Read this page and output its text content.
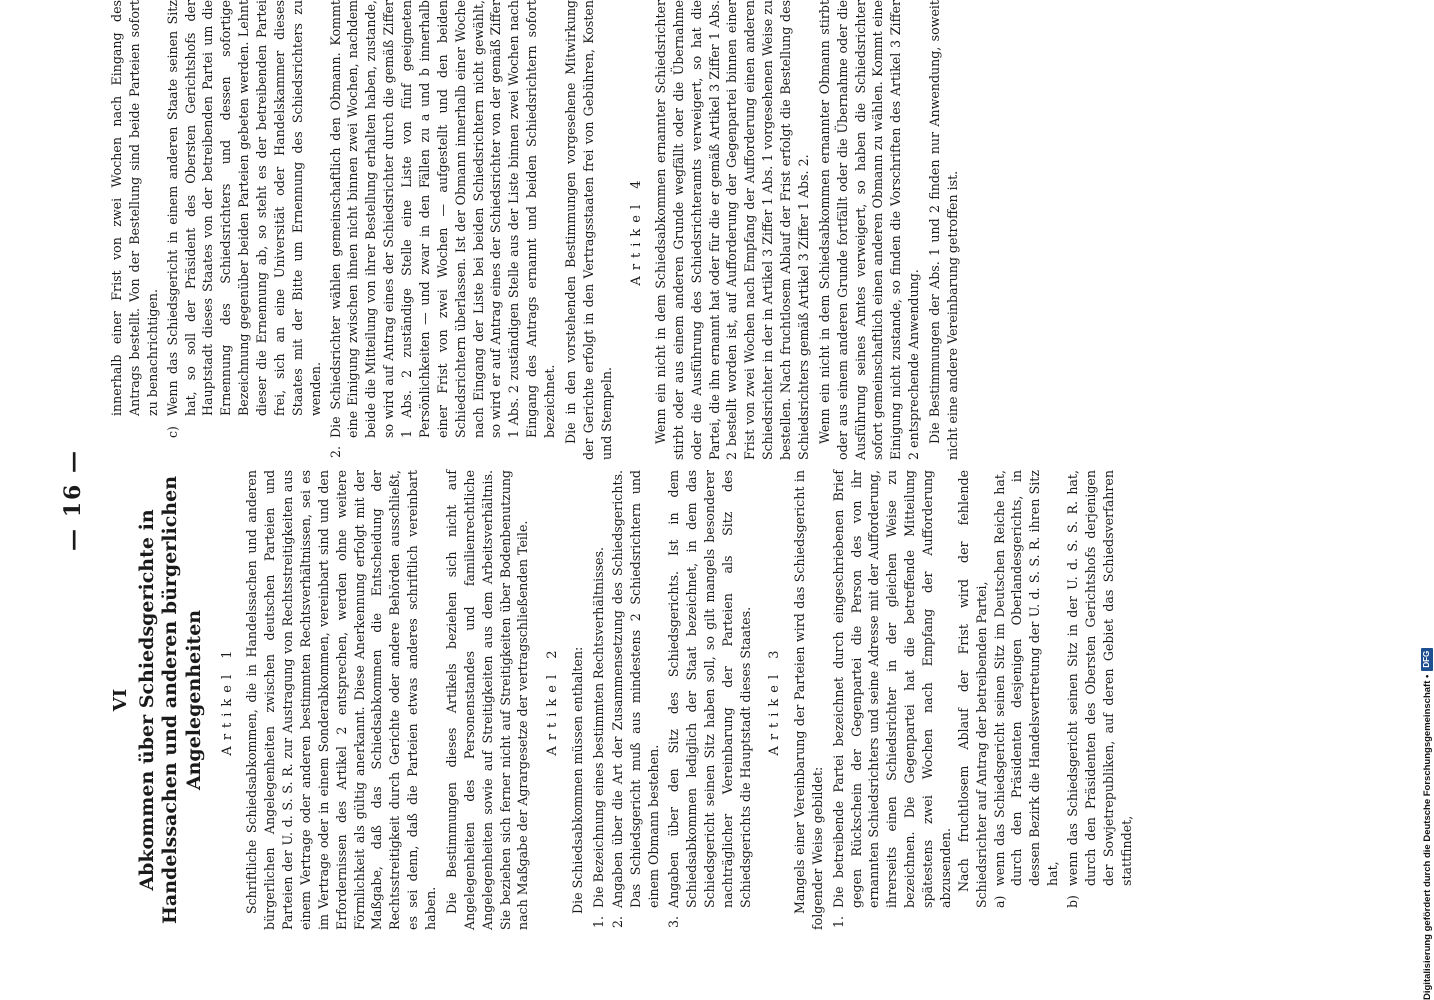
— 16 —
VI Abkommen über Schiedsgerichte in Handelssachen und anderen bürgerlichen Angelegenheiten Artikel 1 Schriftliche Schiedsabkommen, die in Handelssachen und anderen bürgerlichen Angelegenheiten zwischen deutschen Parteien und Parteien der U. d. S. S. R. zur Austragung von Rechtsstreitigkeiten aus einem Vertrage oder anderen bestimmten Rechtsverhältnissen, sei es im Vertrage oder in einem Sonderabkommen, vereinbart sind und den Erfordernissen des Artikel 2 entsprechen, werden ohne weitere Förmlichkeit als gültig anerkannt. Diese Anerkennung erfolgt mit der Maßgabe, daß das Schiedsabkommen die Entscheidung der Rechtsstreitigkeit durch Gerichte oder andere Behörden ausschließt, es sei denn, daß die Parteien etwas anderes schriftlich vereinbart haben. Die Bestimmungen dieses Artikels beziehen sich nicht auf Angelegenheiten des Personenstandes und familienrechtliche Angelegenheiten sowie auf Streitigkeiten aus dem Arbeitsverhältnis. Sie beziehen sich ferner nicht auf Streitigkeiten über Bodenbenutzung nach Maßgabe der Agrargesetze der vertragschließenden Teile. Artikel 2 Die Schiedsabkommen müssen enthalten:

1.
Die Bezeichnung eines bestimmten Rechtsverhältnisses.
2.
Angaben über die Art der Zusammensetzung des Schiedsgerichts. Das Schiedsgericht muß aus mindestens 2 Schiedsrichtern und einem Obmann bestehen.
3.
Angaben über den Sitz des Schiedsgerichts. Ist in dem Schiedsabkommen lediglich der Staat bezeichnet, in dem das Schiedsgericht seinen Sitz haben soll, so gilt mangels besonderer nachträglicher Vereinbarung der Parteien als Sitz des Schiedsgerichts die Hauptstadt dieses Staates. Artikel 3 Mangels einer Vereinbarung der Parteien wird das Schiedsgericht in folgender Weise gebildet: 1.
Die betreibende Partei bezeichnet durch eingeschriebenen Brief gegen Rückschein der Gegenpartei die Person des von ihr ernannten Schiedsrichters und seine Adresse mit der Aufforderung, ihrerseits einen Schiedsrichter in der gleichen Weise zu bezeichnen. Die Gegenpartei hat die betreffende Mitteilung spätestens zwei Wochen nach Empfang der Aufforderung abzusenden. Nach fruchtlosem Ablauf der Frist wird der fehlende Schiedsrichter auf Antrag der betreibenden Partei, a)
wenn das Schiedsgericht seinen Sitz im Deutschen Reiche hat, durch den Präsidenten desjenigen Oberlandesgerichts, in dessen Bezirk die Handelsvertretung der U. d. S. S. R. ihren Sitz hat,
b)
wenn das Schiedsgericht seinen Sitz in der U. d. S. S. R. hat, durch den Präsidenten des Obersten Gerichtshofs derjenigen der Sowjetrepubliken, auf deren Gebiet das Schiedsverfahren stattfindet,
innerhalb einer Frist von zwei Wochen nach Eingang des Antrags bestellt. Von der Bestellung sind beide Parteien sofort zu benachrichtigen.
c)
Wenn das Schiedsgericht in einem anderen Staate seinen Sitz hat, so soll der Präsident des Obersten Gerichtshofs der Hauptstadt dieses Staates von der betreibenden Partei um die Ernennung des Schiedsrichters und dessen sofortige Bezeichnung gegenüber beiden Parteien gebeten werden. Lehnt dieser die Ernennung ab, so steht es der betreibenden Partei frei, sich an eine Universität oder Handelskammer dieses Staates mit der Bitte um Ernennung des Schiedsrichters zu wenden.
2.
Die Schiedsrichter wählen gemeinschaftlich den Obmann. Kommt eine Einigung zwischen ihnen nicht binnen zwei Wochen, nachdem beide die Mitteilung von ihrer Bestellung erhalten haben, zustande, so wird auf Antrag eines der Schiedsrichter durch die gemäß Ziffer 1 Abs. 2 zuständige Stelle eine Liste von fünf geeigneten Persönlichkeiten — und zwar in den Fällen zu a und b innerhalb einer Frist von zwei Wochen — aufgestellt und den beiden Schiedsrichtern überlassen. Ist der Obmann innerhalb einer Woche nach Eingang der Liste bei beiden Schiedsrichtern nicht gewählt, so wird er auf Antrag eines der Schiedsrichter von der gemäß Ziffer 1 Abs. 2 zuständigen Stelle aus der Liste binnen zwei Wochen nach Eingang des Antrags ernannt und beiden Schiedsrichtern sofort bezeichnet. Die in den vorstehenden Bestimmungen vorgesehene Mitwirkung der Gerichte erfolgt in den Vertragsstaaten frei von Gebühren, Kosten und Stempeln.

Artikel 4 Wenn ein nicht in dem Schiedsabkommen ernannter Schiedsrichter stirbt oder aus einem anderen Grunde wegfällt oder die Übernahme oder die Ausführung des Schiedsrichteramts verweigert, so hat die Partei, die ihn ernannt hat oder für die er gemäß Artikel 3 Ziffer 1 Abs. 2 bestellt worden ist, auf Aufforderung der Gegenpartei binnen einer Frist von zwei Wochen nach Empfang der Aufforderung einen anderen Schiedsrichter in der in Artikel 3 Ziffer 1 Abs. 1 vorgesehenen Weise zu bestellen. Nach fruchtlosem Ablauf der Frist erfolgt die Bestellung des Schiedsrichters gemäß Artikel 3 Ziffer 1 Abs. 2. Wenn ein nicht in dem Schiedsabkommen ernannter Obmann stirbt oder aus einem anderen Grunde fortfällt oder die Übernahme oder die Ausführung seines Amtes verweigert, so haben die Schiedsrichter sofort gemeinschaftlich einen anderen Obmann zu wählen. Kommt eine Einigung nicht zustande, so finden die Vorschriften des Artikel 3 Ziffer 2 entsprechende Anwendung. Die Bestimmungen der Abs. 1 und 2 finden nur Anwendung, soweit nicht eine andere Vereinbarung getroffen ist.

Digitalisierung gefördert durch die Deutsche Forschungsgemeinschaft •
DFG
